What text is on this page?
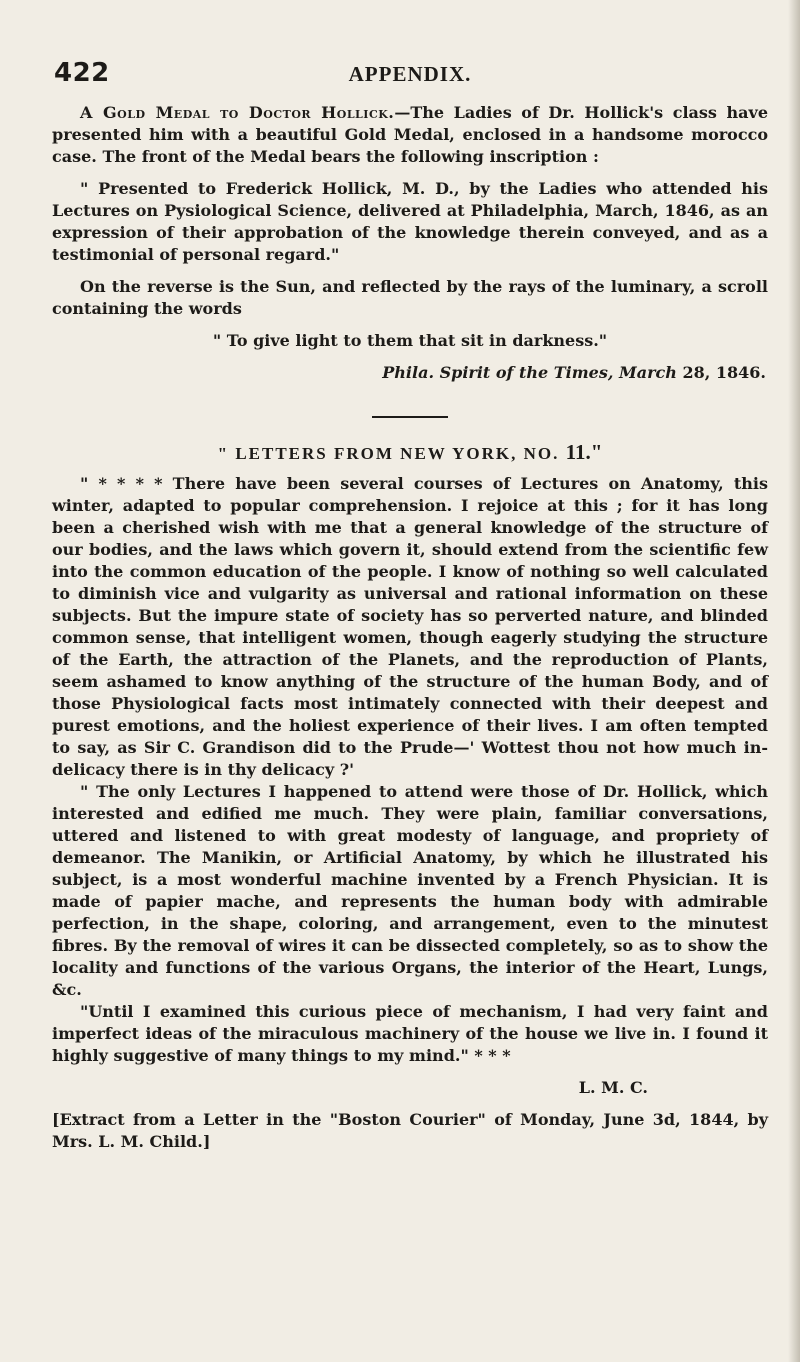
422	APPENDIX.

A Gold Medal to Doctor Hollick.—The Ladies of Dr. Hollick's class have presented him with a beautiful Gold Medal, enclosed in a handsome morocco case. The front of the Medal bears the following inscription :

" Presented to Frederick Hollick, M. D., by the Ladies who attended his Lectures on Pysiological Science, delivered at Philadelphia, March, 1846, as an expression of their approbation of the knowledge therein conveyed, and as a testimonial of personal regard."

On the reverse is the Sun, and reflected by the rays of the luminary, a scroll containing the words

" To give light to them that sit in darkness."

Phila. Spirit of the Times, March 28, 1846.

" LETTERS FROM NEW YORK, NO. 11."

" * * * * There have been several courses of Lectures on Anatomy, this winter, adapted to popular comprehension. I rejoice at this ; for it has long been a cherished wish with me that a general knowledge of the structure of our bodies, and the laws which govern it, should extend from the scientific few into the common education of the people. I know of nothing so well calculated to diminish vice and vulgarity as universal and rational information on these subjects. But the impure state of society has so perverted nature, and blinded common sense, that intelligent women, though eagerly studying the structure of the Earth, the attraction of the Planets, and the reproduction of Plants, seem ashamed to know anything of the structure of the human Body, and of those Physiological facts most intimately connected with their deepest and purest emotions, and the holiest experience of their lives. I am often tempted to say, as Sir C. Grandison did to the Prude—' Wottest thou not how much in-delicacy there is in thy delicacy ?'

" The only Lectures I happened to attend were those of Dr. Hollick, which interested and edified me much. They were plain, familiar conversations, uttered and listened to with great modesty of language, and propriety of demeanor. The Manikin, or Artificial Anatomy, by which he illustrated his subject, is a most wonderful machine invented by a French Physician. It is made of papier mache, and represents the human body with admirable perfection, in the shape, coloring, and arrangement, even to the minutest fibres. By the removal of wires it can be dissected completely, so as to show the locality and functions of the various Organs, the interior of the Heart, Lungs, &c.

"Until I examined this curious piece of mechanism, I had very faint and imperfect ideas of the miraculous machinery of the house we live in. I found it highly suggestive of many things to my mind." * * *

L. M. C.

[Extract from a Letter in the "Boston Courier" of Monday, June 3d, 1844, by Mrs. L. M. Child.]
